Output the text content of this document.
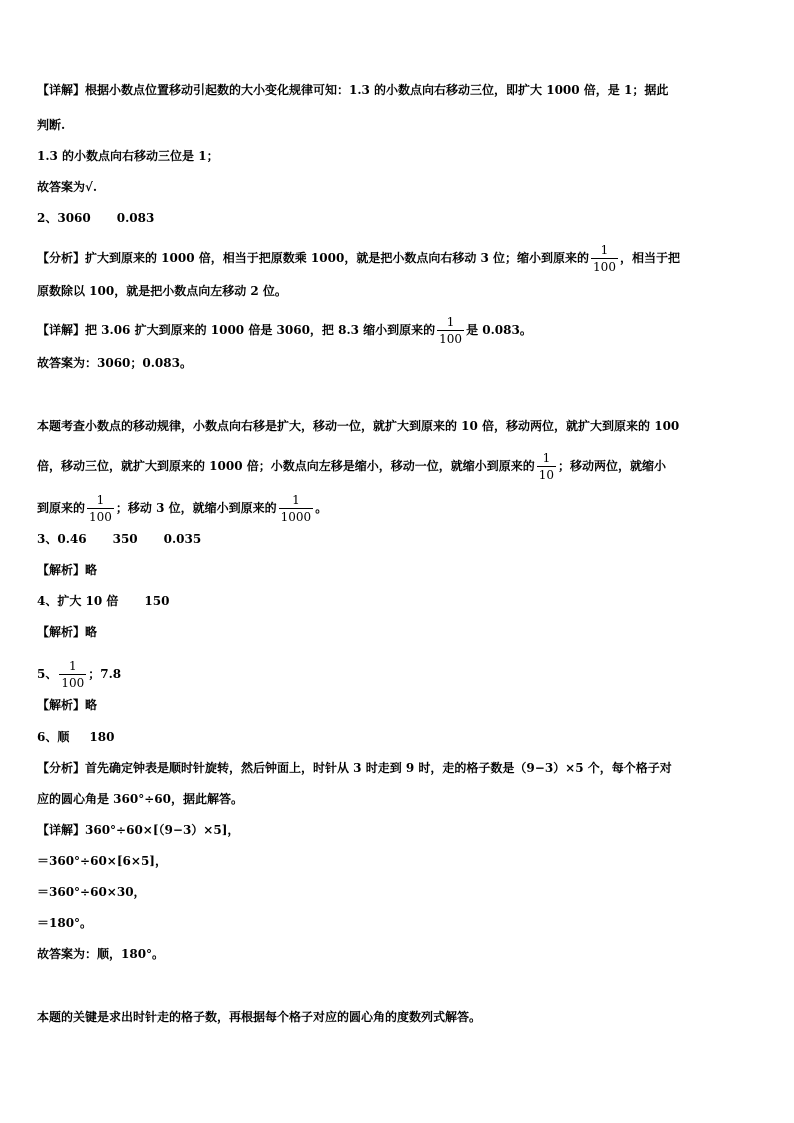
【详解】根据小数点位置移动引起数的大小变化规律可知：1.3 的小数点向右移动三位，即扩大 1000 倍，是 1；据此
判断.
1.3 的小数点向右移动三位是 1；
故答案为√.
2、3060 0.083
【分析】扩大到原来的 1000 倍，相当于把原数乘 1000，就是把小数点向右移动 3 位；缩小到原来的 $\frac{1}{100}$ ，相当于把
原数除以 100，就是把小数点向左移动 2 位。
【详解】把 3.06 扩大到原来的 1000 倍是 3060，把 8.3 缩小到原来的 $\frac{1}{100}$ 是 0.083。
故答案为：3060；0.083。
本题考查小数点的移动规律，小数点向右移是扩大，移动一位，就扩大到原来的 10 倍，移动两位，就扩大到原来的 100
倍，移动三位，就扩大到原来的 1000 倍；小数点向左移是缩小，移动一位，就缩小到原来的 $\frac{1}{10}$ ；移动两位，就缩小
到原来的 $\frac{1}{100}$ ；移动 3 位，就缩小到原来的 $\frac{1}{1000}$ 。
3、0.46 350 0.035
【解析】略
4、扩大 10 倍 150
【解析】略
5、 $\frac{1}{100}$ ；7.8
【解析】略
6、顺 180
【分析】首先确定钟表是顺时针旋转，然后钟面上，时针从 3 时走到 9 时，走的格子数是（9−3）×5 个，每个格子对
应的圆心角是 360°÷60，据此解答。
【详解】360°÷60×[（9−3）×5]，
＝360°÷60×[6×5]，
＝360°÷60×30，
＝180°。
故答案为：顺，180°。
本题的关键是求出时针走的格子数，再根据每个格子对应的圆心角的度数列式解答。
